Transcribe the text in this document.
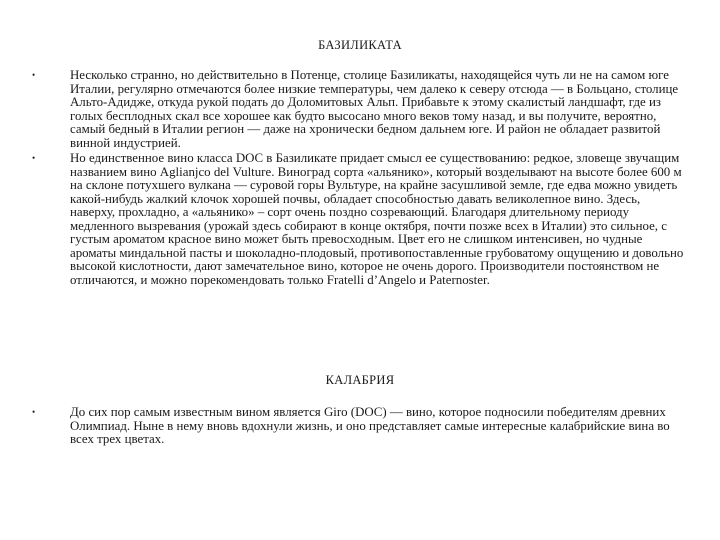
БАЗИЛИКАТА
•	Несколько странно, но действительно в Потенце, столице Базиликаты, находящейся чуть ли не на самом юге Италии, регулярно отмечаются более низкие температуры, чем далеко к северу отсюда — в Больцано, столице Альто-Адидже, откуда рукой подать до Доломитовых Альп. Прибавьте к этому скалистый ландшафт, где из голых бесплодных скал все хорошее как будто высосано много веков тому назад, и вы получите, вероятно, самый бедный в Италии регион — даже на хронически бедном дальнем юге. И район не обладает развитой винной индустрией.
•	Но единственное вино класса DOC в Базиликате придает смысл ее существованию: редкое, зловеще звучащим названием вино Aglianjco del Vulture. Виноград сорта «альянико», который возделывают на высоте более 600 м на склоне потухшего вулкана — суровой горы Вультуре, на крайне засушливой земле, где едва можно увидеть какой-нибудь жалкий клочок хорошей почвы, обладает способностью давать великолепное вино. Здесь, наверху, прохладно, а «альянико» – сорт очень поздно созревающий. Благодаря длительному периоду медленного вызревания (урожай здесь собирают в конце октября, почти позже всех в Италии) это сильное, с густым ароматом красное вино может быть превосходным. Цвет его не слишком интенсивен, но чудные ароматы миндальной пасты и шоколадно-плодовый, противопоставленные грубоватому ощущению и довольно высокой кислотности, дают замечательное вино, которое не очень дорого. Производители постоянством не отличаются, и можно порекомендовать только Fratelli d’Angelo и Paternoster.
КАЛАБРИЯ
•	До сих пор самым известным вином является Giro (DOC) — вино, которое подносили победителям древних Олимпиад. Ныне в нему вновь вдохнули жизнь, и оно представляет самые интересные калабрийские вина во всех трех цветах.
